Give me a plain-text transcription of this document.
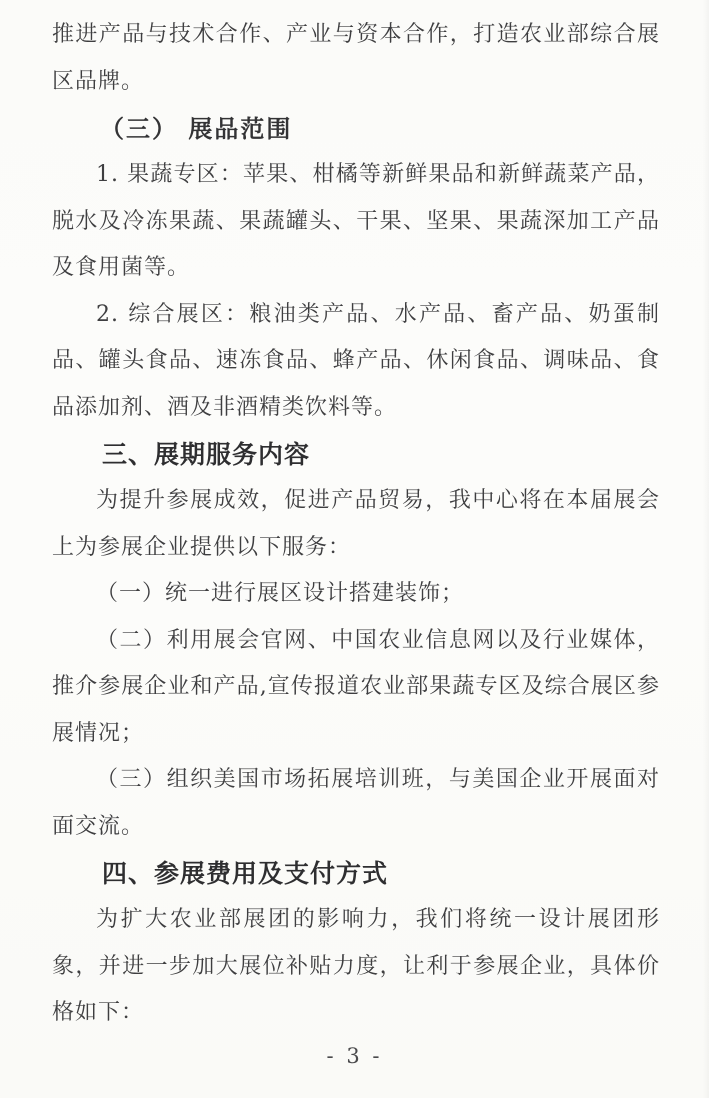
推进产品与技术合作、产业与资本合作，打造农业部综合展区品牌。

（三） 展品范围

1. 果蔬专区：苹果、柑橘等新鲜果品和新鲜蔬菜产品，脱水及冷冻果蔬、果蔬罐头、干果、坚果、果蔬深加工产品及食用菌等。

2. 综合展区：粮油类产品、水产品、畜产品、奶蛋制品、罐头食品、速冻食品、蜂产品、休闲食品、调味品、食品添加剂、酒及非酒精类饮料等。

三、展期服务内容

为提升参展成效，促进产品贸易，我中心将在本届展会上为参展企业提供以下服务：

（一）统一进行展区设计搭建装饰；

（二）利用展会官网、中国农业信息网以及行业媒体，推介参展企业和产品,宣传报道农业部果蔬专区及综合展区参展情况；

（三）组织美国市场拓展培训班，与美国企业开展面对面交流。

四、参展费用及支付方式

为扩大农业部展团的影响力，我们将统一设计展团形象，并进一步加大展位补贴力度，让利于参展企业，具体价格如下：

- 3 -
